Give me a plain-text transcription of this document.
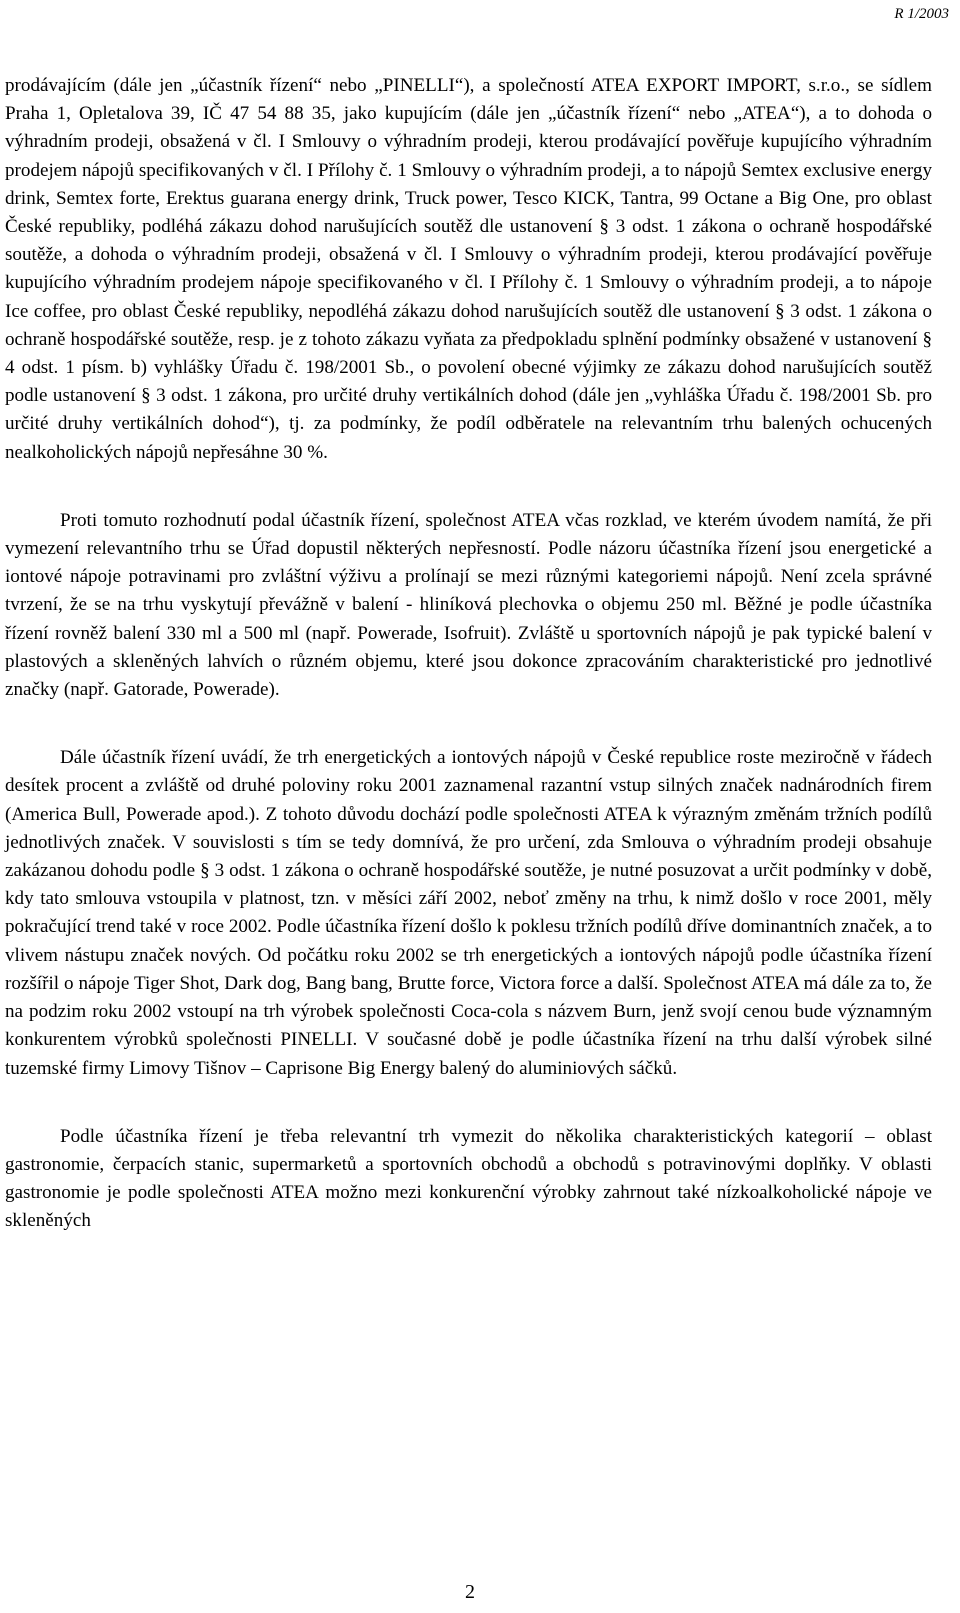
R 1/2003

prodávajícím (dále jen „účastník řízení“ nebo „PINELLI“), a společností ATEA EXPORT IMPORT, s.r.o., se sídlem Praha 1, Opletalova 39, IČ 47 54 88 35, jako kupujícím (dále jen „účastník řízení“ nebo „ATEA“), a to dohoda o výhradním prodeji, obsažená v čl. I Smlouvy o výhradním prodeji, kterou prodávající pověřuje kupujícího výhradním prodejem nápojů specifikovaných v čl. I Přílohy č. 1 Smlouvy o výhradním prodeji, a to nápojů Semtex exclusive energy drink, Semtex forte, Erektus guarana energy drink, Truck power, Tesco KICK, Tantra, 99 Octane a Big One, pro oblast České republiky, podléhá zákazu dohod narušujících soutěž dle ustanovení § 3 odst. 1 zákona o ochraně hospodářské soutěže, a dohoda o výhradním prodeji, obsažená v čl. I Smlouvy o výhradním prodeji, kterou prodávající pověřuje kupujícího výhradním prodejem nápoje specifikovaného v čl. I Přílohy č. 1 Smlouvy o výhradním prodeji, a to nápoje Ice coffee, pro oblast České republiky, nepodléhá zákazu dohod narušujících soutěž dle ustanovení § 3 odst. 1 zákona o ochraně hospodářské soutěže, resp. je z tohoto zákazu vyňata za předpokladu splnění podmínky obsažené v ustanovení § 4 odst. 1 písm. b) vyhlášky Úřadu č. 198/2001 Sb., o povolení obecné výjimky ze zákazu dohod narušujících soutěž podle ustanovení § 3 odst. 1 zákona, pro určité druhy vertikálních dohod (dále jen „vyhláška Úřadu č. 198/2001 Sb. pro určité druhy vertikálních dohod“), tj. za podmínky, že podíl odběratele na relevantním trhu balených ochucených nealkoholických nápojů nepřesáhne 30 %.

Proti tomuto rozhodnutí podal účastník řízení, společnost ATEA včas rozklad, ve kterém úvodem namítá, že při vymezení relevantního trhu se Úřad dopustil některých nepřesností. Podle názoru účastníka řízení jsou energetické a iontové nápoje potravinami pro zvláštní výživu a prolínají se mezi různými kategoriemi nápojů. Není zcela správné tvrzení, že se na trhu vyskytují převážně v balení - hliníková plechovka o objemu 250 ml. Běžné je podle účastníka řízení rovněž balení 330 ml a 500 ml (např. Powerade, Isofruit). Zvláště u sportovních nápojů je pak typické balení v plastových a skleněných lahvích o různém objemu, které jsou dokonce zpracováním charakteristické pro jednotlivé značky (např. Gatorade, Powerade).

Dále účastník řízení uvádí, že trh energetických a iontových nápojů v České republice roste meziročně v řádech desítek procent a zvláště od druhé poloviny roku 2001 zaznamenal razantní vstup silných značek nadnárodních firem (America Bull, Powerade apod.). Z tohoto důvodu dochází podle společnosti ATEA k výrazným změnám tržních podílů jednotlivých značek. V souvislosti s tím se tedy domnívá, že pro určení, zda Smlouva o výhradním prodeji obsahuje zakázanou dohodu podle § 3 odst. 1 zákona o ochraně hospodářské soutěže, je nutné posuzovat a určit podmínky v době, kdy tato smlouva vstoupila v platnost, tzn. v měsíci září 2002, neboť změny na trhu, k nimž došlo v roce 2001, měly pokračující trend také v roce 2002. Podle účastníka řízení došlo k poklesu tržních podílů dříve dominantních značek, a to vlivem nástupu značek nových. Od počátku roku 2002 se trh energetických a iontových nápojů podle účastníka řízení rozšířil o nápoje Tiger Shot, Dark dog, Bang bang, Brutte force, Victora force a další. Společnost ATEA má dále za to, že na podzim roku 2002 vstoupí na trh výrobek společnosti Coca-cola s názvem Burn, jenž svojí cenou bude významným konkurentem výrobků společnosti PINELLI. V současné době je podle účastníka řízení na trhu další výrobek silné tuzemské firmy Limovy Tišnov – Caprisone Big Energy balený do aluminiových sáčků.

Podle účastníka řízení je třeba relevantní trh vymezit do několika charakteristických kategorií – oblast gastronomie, čerpacích stanic, supermarketů a sportovních obchodů a obchodů s potravinovými doplňky. V oblasti gastronomie je podle společnosti ATEA možno mezi konkurenční výrobky zahrnout také nízkoalkoholické nápoje ve skleněných

2
